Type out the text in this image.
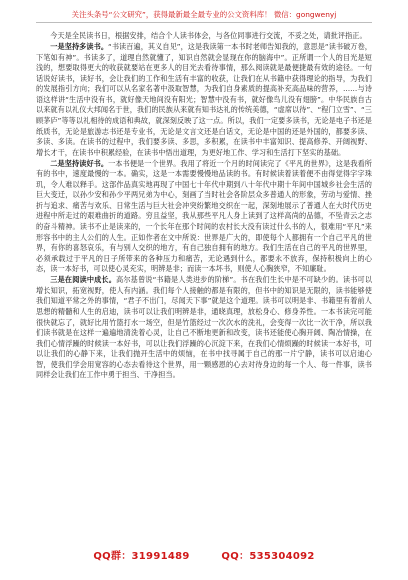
关注头条号“公文研究”，获得最新最全最专业的公文资料库！ 微信：gongwenyj

今天是全民读书日，根据安排，结合个人读书体会，与各位同事进行交流，不妥之处，请批评指正。

一是坚持多读书。“书读百遍，其义自见”，这是我读第一本书时老师告知我的，意思是“读书破万卷，下笔如有神”。书读多了，道理自然就懂了，知识自然就会显现在你的脑海中”。正所谓一个人的目光是短浅的，想要取得更大的收获就要站在更多人的目光去看待事情，那么阅读就是最便捷最有效的途径。一句话说好读书，读好书，会让我们的工作和生活有丰富的收获，让我们在从书籍中获得理论的指导，为我们的发展指引方向；我们可以从名家名著中汲取智慧，为我们自身素质的提高补充高品味的营养，……与诗语这样讲“生活中没有书，就好像天地间没有阳光；智慧中没有书，就好像鸟儿没有翅膀”。中华民族自古以来就有以礼仪大邦闻名于世，我们的民族从来就有知书达礼的传统美德，“虚席以待”、“程门立雪”、“三顾茅庐”等等以礼相待的成语和典故，就深刻反映了这一点。所以，我们一定要多读书，无论是电子书还是纸质书，无论是旅游志书还是专业书，无论是文言文还是白话文，无论是中国的还是外国的，都要多读、多读、多读。在读书的过程中，我们要多读、多思，多积累，在读书中丰富知识、提高修养、开阔视野、增长才干，在读书中积累经验，在读书中悟出道理，为更好地工作、学习和生活打下坚实的基础。

二是坚持读好书。一本书便是一个世界。我用了将近一个月的时间读完了《平凡的世界》，这是我看所有的书中，速度最慢的一本。确实，这是一本需要慢慢地品读的书。有时候读着读着便不由得觉得字字珠玑，令人难以释手。这部作品真实地再现了中国七十年代中期到八十年代中期十年间中国城乡社会生活的巨大变迁，以孙少安和孙少平两兄弟为中心，刻画了当时社会各阶层众多普通人的形象，劳动与爱情、挫折与追求、痛苦与欢乐、日常生活与巨大社会冲突纷繁地交织在一起，深刻地展示了普通人在大时代历史进程中所走过的艰难曲折的道路。穷且益坚，我从那些平凡人身上读到了这样高尚的品德，不坠青云之志的奋斗精神。读书不止是读来的，一个长年在那个时间的农村长大没有读过什么书的人，很难用“平凡”来形容书中的主人公们的人生。正如作者在文中所说：世界是广大的，即使每个人都拥有一个自己平凡的世界，有你的喜怒哀乐，有与别人交织的地方，有自己独自拥有的地方。我们生活在自己的平凡的世界里，必须承载过于平凡的日子所带来的各种压力和痛苦，无论遇到什么，都要永不放弃，保持积极向上的心态，读一本好书，可以使心灵充实，明辨是非；而读一本坏书，则使人心胸狭窄，不知廉耻。

三是在阅读中成长。高尔基曾说“书籍是人类进步的阶梯”。书在我们生长中是不可缺少的。读书可以增长知识，拓宽视野，使人有内涵。我们每个人接触的都是有限的，但书中的知识是无限的，读书能够使我们知道平常之外的事情，“君子不出门，尽闻天下事”就是这个道理。读书可以明是非、书籍里有着前人思想的精髓和人生的启迪，读书可以让我们明辨是非，通晓真理，放松身心、修身养性。一本书读完可能很快就忘了，就好比用竹篮打水一场空，但是竹篮经过一次次水的洗礼，会变得一次比一次干净，所以我们读书就是在这样一遍遍地清洗着心灵，让自己不断地更新和改变，读书还能使心胸开阔、陶冶情操，在我们心情浮躁的时候读一本好书，可以让我们浮躁的心沉淀下来，在我们心情烦躁的时候读一本好书，可以让我们的心静下来，让我们抛开生活中的烦恼，在书中找寻属于自己的那一片宁静，读书可以启迪心智，使我们学会用宽容的心态去看待这个世界，用一颗感恩的心去对待身边的每一个人、每一件事，读书同样会让我们在工作中勇于担当、干净担当。

QQ群：31991489	QQ：535304092
